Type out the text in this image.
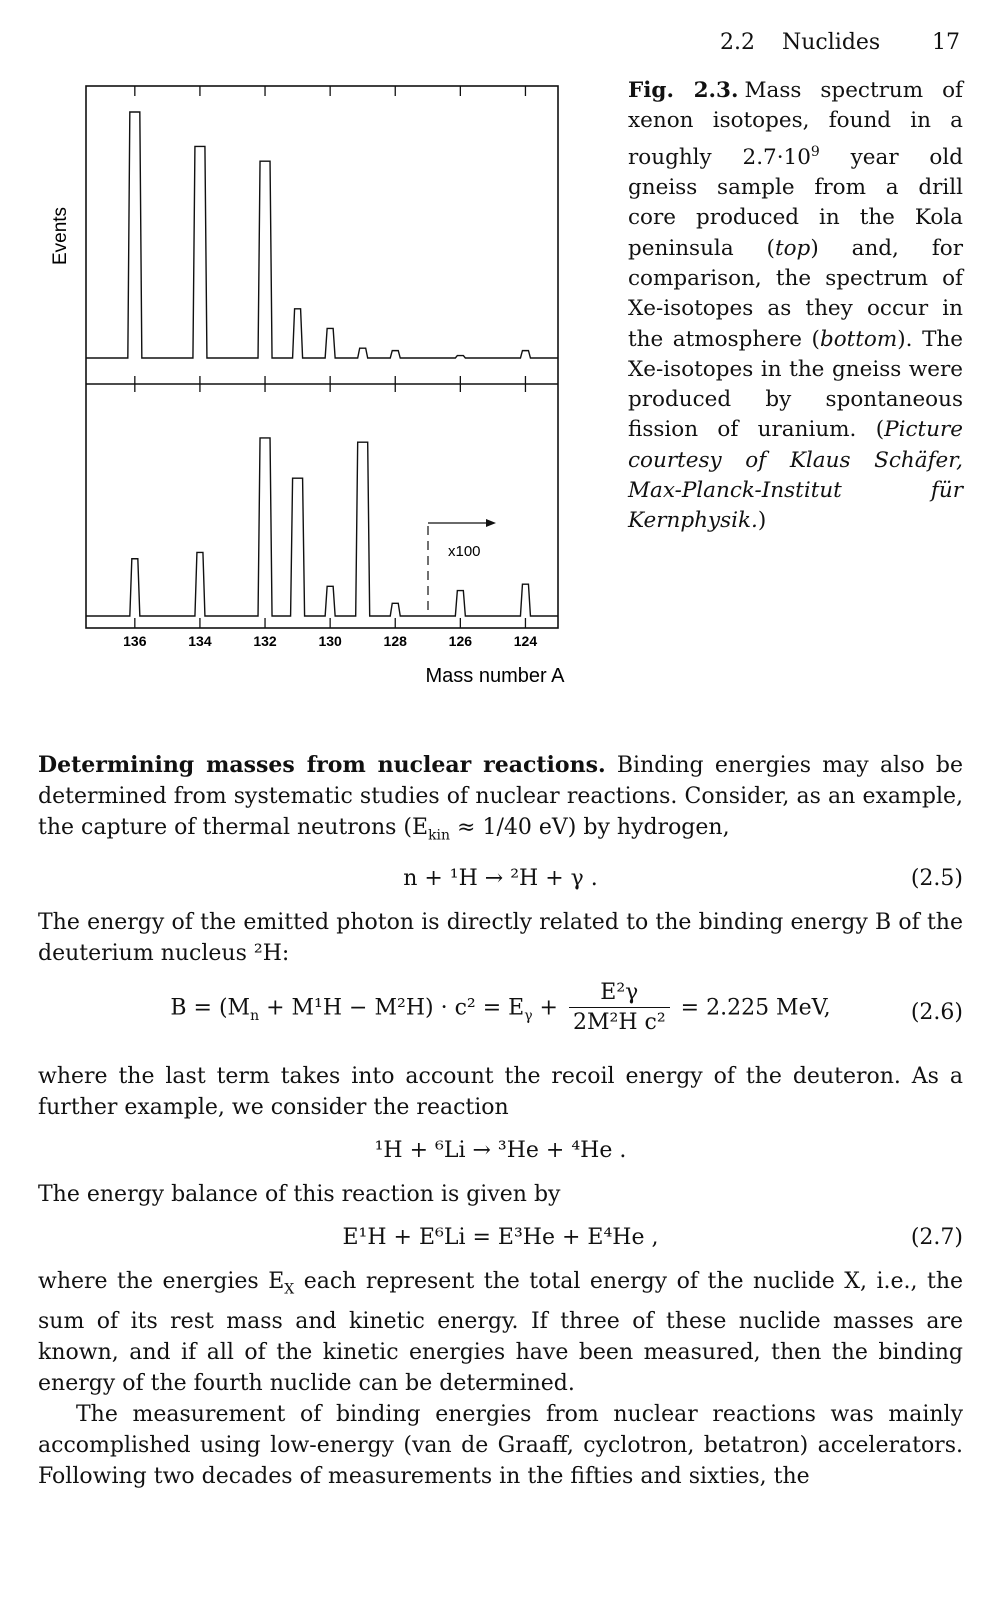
2.2 Nuclides 17
x100
Events
136	134	132	130	128	126	124
Mass number A
Fig. 2.3. Mass spectrum of xenon isotopes, found in a roughly $2.7\cdot 10^9$ year old gneiss sample from a drill core produced in the Kola peninsula (top) and, for comparison, the spectrum of Xe-isotopes as they occur in the atmosphere (bottom). The Xe-isotopes in the gneiss were produced by spontaneous fission of uranium. (Picture courtesy of Klaus Schäfer, Max-Planck-Institut für Kernphysik.)

Determining masses from nuclear reactions. Binding energies may also be determined from systematic studies of nuclear reactions. Consider, as an example, the capture of thermal neutrons ($E_{kin} \approx 1/40$ eV) by hydrogen,

n + ¹H → ²H + γ .	(2.5)

The energy of the emitted photon is directly related to the binding energy B of the deuterium nucleus ²H:

$B = (M_n + M^1H - M^2H) \cdot c^2 = E_\gamma + \frac{\text{E²γ}}{\text{2M²H c²}} = 2.225$ MeV,	(2.6)

where the last term takes into account the recoil energy of the deuteron. As a further example, we consider the reaction

¹H + ⁶Li → ³He + ⁴He .

The energy balance of this reaction is given by

E¹H + E⁶Li = E³He + E⁴He ,	(2.7)

where the energies $E_X$ each represent the total energy of the nuclide X, i.e., the sum of its rest mass and kinetic energy. If three of these nuclide masses are known, and if all of the kinetic energies have been measured, then the binding energy of the fourth nuclide can be determined.

The measurement of binding energies from nuclear reactions was mainly accomplished using low-energy (van de Graaff, cyclotron, betatron) accelerators. Following two decades of measurements in the fifties and sixties, the
